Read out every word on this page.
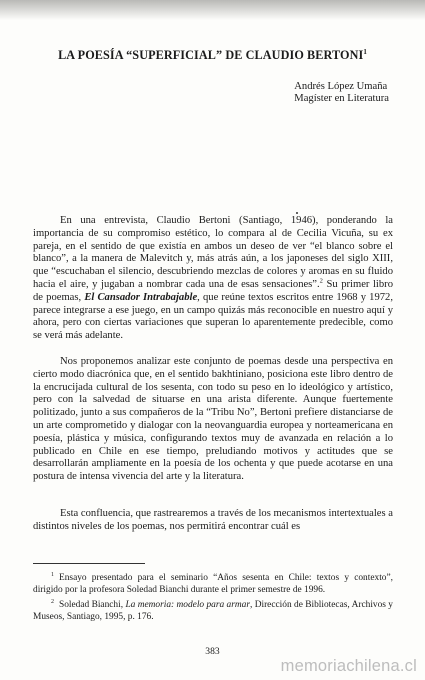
LA POESÍA “SUPERFICIAL” DE CLAUDIO BERTONI$^1$
Andrés López Umaña
Magíster en Literatura

En una entrevista, Claudio Bertoni (Santiago, 1946), ponderando la importancia de su compromiso estético, lo compara al de Cecilia Vicuña, su ex pareja, en el sentido de que existía en ambos un deseo de ver “el blanco sobre el blanco”, a la manera de Malevitch y, más atrás aún, a los japoneses del siglo XIII, que “escuchaban el silencio, descubriendo mezclas de colores y aromas en su fluido hacia el aire, y jugaban a nombrar cada una de esas sensaciones”.$^2$ Su primer libro de poemas, El Cansador Intrabajable, que reúne textos escritos entre 1968 y 1972, parece integrarse a ese juego, en un campo quizás más reconocible en nuestro aquí y ahora, pero con ciertas variaciones que superan lo aparentemente predecible, como se verá más adelante.

Nos proponemos analizar este conjunto de poemas desde una perspectiva en cierto modo diacrónica que, en el sentido bakhtiniano, posiciona este libro dentro de la encrucijada cultural de los sesenta, con todo su peso en lo ideológico y artístico, pero con la salvedad de situarse en una arista diferente. Aunque fuertemente politizado, junto a sus compañeros de la “Tribu No”, Bertoni prefiere distanciarse de un arte comprometido y dialogar con la neovanguardia europea y norteamericana en poesía, plástica y música, configurando textos muy de avanzada en relación a lo publicado en Chile en ese tiempo, preludiando motivos y actitudes que se desarrollarán ampliamente en la poesía de los ochenta y que puede acotarse en una postura de intensa vivencia del arte y la literatura.

Esta confluencia, que rastrearemos a través de los mecanismos intertextuales a distintos niveles de los poemas, nos permitirá encontrar cuál es

$^1$ Ensayo presentado para el seminario “Años sesenta en Chile: textos y contexto”, dirigido por la profesora Soledad Bianchi durante el primer semestre de 1996.

$^2$ Soledad Bianchi, La memoria: modelo para armar, Dirección de Bibliotecas, Archivos y Museos, Santiago, 1995, p. 176.

383
memoriachilena.cl
